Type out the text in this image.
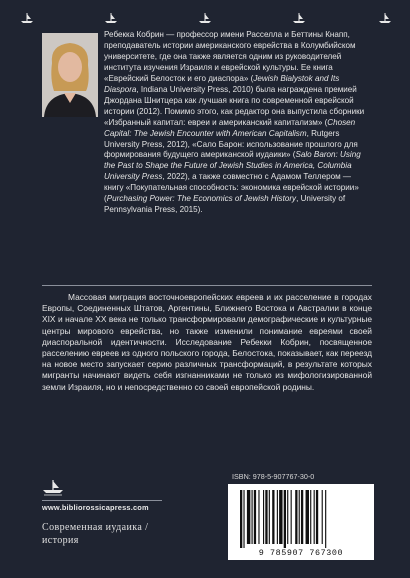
Ребекка Кобрин — профессор имени Расселла и Беттины Кнапп, преподаватель истории американского еврейства в Колумбийском университете, где она также является одним из руководителей института изучения Израиля и еврейской культуры. Ее книга «Еврейский Белосток и его диаспора» (Jewish Bialystok and Its Diaspora, Indiana University Press, 2010) была награждена премией Джордана Шнитцера как лучшая книга по современной еврейской истории (2012). Помимо этого, как редактор она выпустила сборники «Избранный капитал: евреи и американский капитализм» (Chosen Capital: The Jewish Encounter with American Capitalism, Rutgers University Press, 2012), «Сало Барон: использование прошлого для формирования будущего американской иудаики» (Salo Baron: Using the Past to Shape the Future of Jewish Studies in America, Columbia University Press, 2022), а также совместно с Адамом Теллером — книгу «Покупательная способность: экономика еврейской истории» (Purchasing Power: The Economics of Jewish History, University of Pennsylvania Press, 2015).
Массовая миграция восточноевропейских евреев и их расселение в городах Европы, Соединенных Штатов, Аргентины, Ближнего Востока и Австралии в конце XIX и начале XX века не только трансформировали демографические и культурные центры мирового еврейства, но также изменили понимание евреями своей диаспоральной идентичности. Исследование Ребекки Кобрин, посвященное расселению евреев из одного польского города, Белостока, показывает, как переезд на новое место запускает серию различных трансформаций, в результате которых мигранты начинают видеть себя изгнанниками не только из мифологизированной земли Израиля, но и непосредственно со своей европейской родины.
www.bibliorossicapress.com
Современная иудаика / история
ISBN: 978-5-907767-30-0
9 785907 767300
